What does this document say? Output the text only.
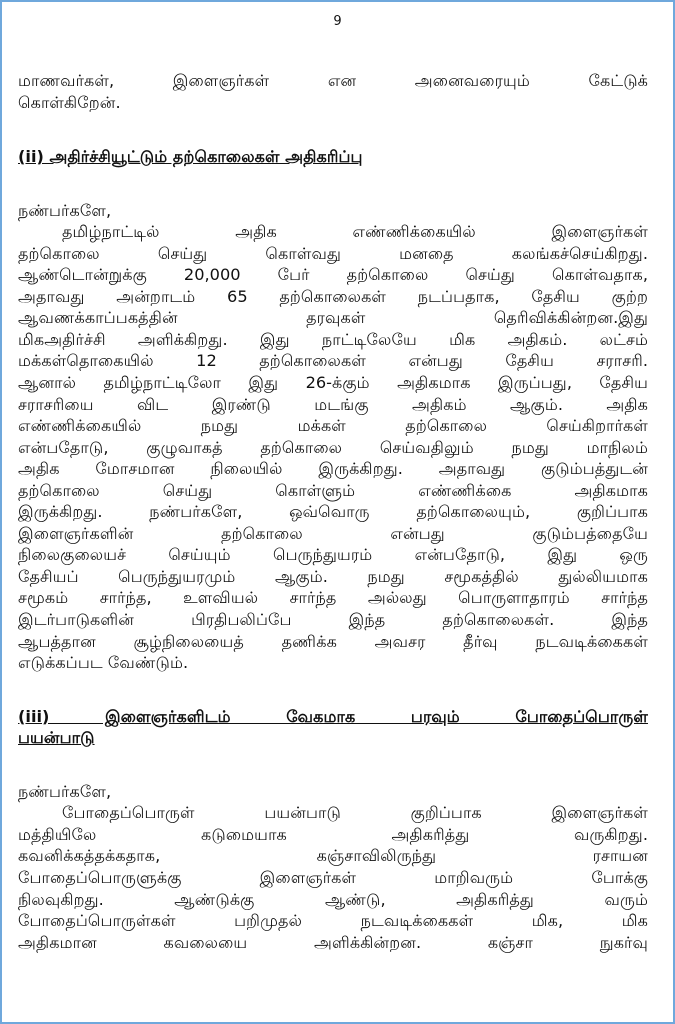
9

மாணவர்கள், இளைஞர்கள் என அனைவரையும் கேட்டுக்

கொள்கிறேன்.

(ii) அதிர்ச்சியூட்டும் தற்கொலைகள் அதிகரிப்பு

நண்பர்களே,

தமிழ்நாட்டில் அதிக எண்ணிக்கையில் இளைஞர்கள்

தற்கொலை செய்து கொள்வது மனதை கலங்கச்செய்கிறது.

ஆண்டொன்றுக்கு 20,000 பேர் தற்கொலை செய்து கொள்வதாக,

அதாவது அன்றாடம் 65 தற்கொலைகள் நடப்பதாக, தேசிய குற்ற

ஆவணக்காப்பகத்தின் தரவுகள் தெரிவிக்கின்றன.இது

மிகஅதிர்ச்சி அளிக்கிறது. இது நாட்டிலேயே மிக அதிகம். லட்சம்

மக்கள்தொகையில் 12 தற்கொலைகள் என்பது தேசிய சராசரி.

ஆனால் தமிழ்நாட்டிலோ இது 26-க்கும் அதிகமாக இருப்பது, தேசிய

சராசரியை விட இரண்டு மடங்கு அதிகம் ஆகும். அதிக

எண்ணிக்கையில் நமது மக்கள் தற்கொலை செய்கிறார்கள்

என்பதோடு, குழுவாகத் தற்கொலை செய்வதிலும் நமது மாநிலம்

அதிக மோசமான நிலையில் இருக்கிறது. அதாவது குடும்பத்துடன்

தற்கொலை செய்து கொள்ளும் எண்ணிக்கை அதிகமாக

இருக்கிறது. நண்பர்களே, ஒவ்வொரு தற்கொலையும், குறிப்பாக

இளைஞர்களின் தற்கொலை என்பது குடும்பத்தையே

நிலைகுலையச் செய்யும் பெருந்துயரம் என்பதோடு, இது ஒரு

தேசியப் பெருந்துயரமும் ஆகும். நமது சமூகத்தில் துல்லியமாக

சமூகம் சார்ந்த, உளவியல் சார்ந்த அல்லது பொருளாதாரம் சார்ந்த

இடர்பாடுகளின் பிரதிபலிப்பே இந்த தற்கொலைகள். இந்த

ஆபத்தான சூழ்நிலையைத் தணிக்க அவசர தீர்வு நடவடிக்கைகள்

எடுக்கப்பட வேண்டும்.

(iii) இளைஞர்களிடம் வேகமாக பரவும் போதைப்பொருள்

பயன்பாடு

நண்பர்களே,

போதைப்பொருள் பயன்பாடு குறிப்பாக இளைஞர்கள்

மத்தியிலே கடுமையாக அதிகரித்து வருகிறது.

கவனிக்கத்தக்கதாக, கஞ்சாவிலிருந்து ரசாயன

போதைப்பொருளுக்கு இளைஞர்கள் மாறிவரும் போக்கு

நிலவுகிறது. ஆண்டுக்கு ஆண்டு, அதிகரித்து வரும்

போதைப்பொருள்கள் பறிமுதல் நடவடிக்கைகள் மிக, மிக

அதிகமான கவலையை அளிக்கின்றன. கஞ்சா நுகர்வு
